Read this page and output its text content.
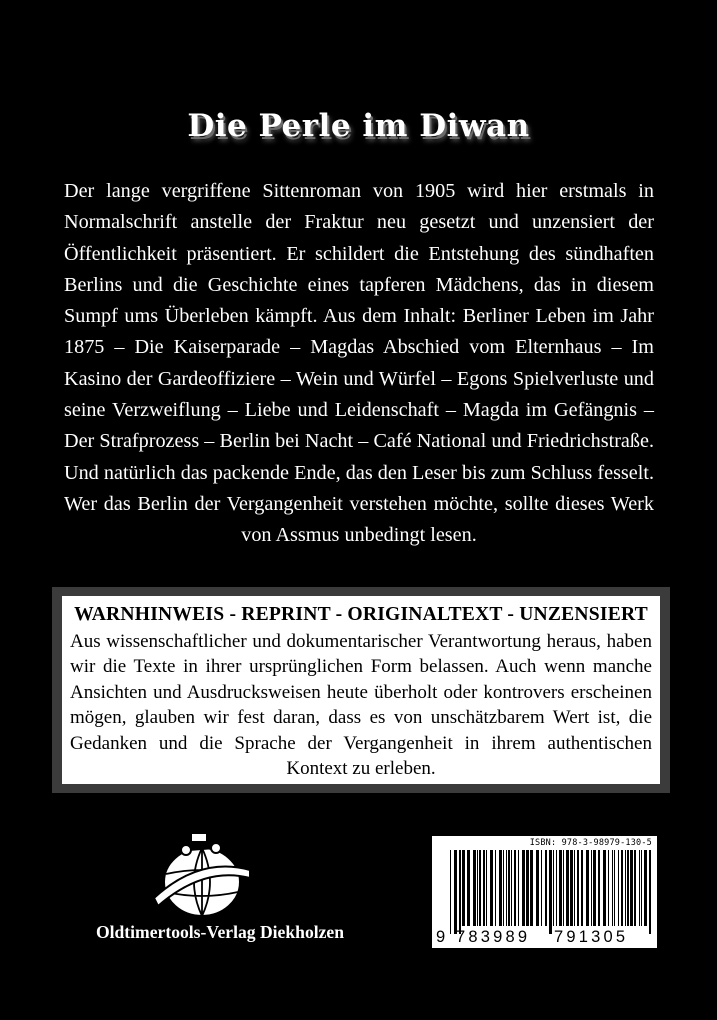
Die Perle im Diwan
Der lange vergriffene Sittenroman von 1905 wird hier erstmals in Normalschrift anstelle der Fraktur neu gesetzt und unzensiert der Öffentlichkeit präsentiert. Er schildert die Entstehung des sündhaften Berlins und die Geschichte eines tapferen Mädchens, das in diesem Sumpf ums Überleben kämpft. Aus dem Inhalt: Berliner Leben im Jahr 1875 – Die Kaiserparade – Magdas Abschied vom Elternhaus – Im Kasino der Gardeoffiziere – Wein und Würfel – Egons Spielverluste und seine Verzweiflung – Liebe und Leidenschaft – Magda im Gefängnis – Der Strafprozess – Berlin bei Nacht – Café National und Friedrichstraße. Und natürlich das packende Ende, das den Leser bis zum Schluss fesselt. Wer das Berlin der Vergangenheit verstehen möchte, sollte dieses Werk von Assmus unbedingt lesen.
WARNHINWEIS - REPRINT - ORIGINALTEXT - UNZENSIERT
Aus wissenschaftlicher und dokumentarischer Verantwortung heraus, haben wir die Texte in ihrer ursprünglichen Form belassen. Auch wenn manche Ansichten und Ausdrucksweisen heute überholt oder kontrovers erscheinen mögen, glauben wir fest daran, dass es von unschätzbarem Wert ist, die Gedanken und die Sprache der Vergangenheit in ihrem authentischen Kontext zu erleben.
Oldtimertools-Verlag Diekholzen
ISBN: 978-3-98979-130-5
9 783989 791305
